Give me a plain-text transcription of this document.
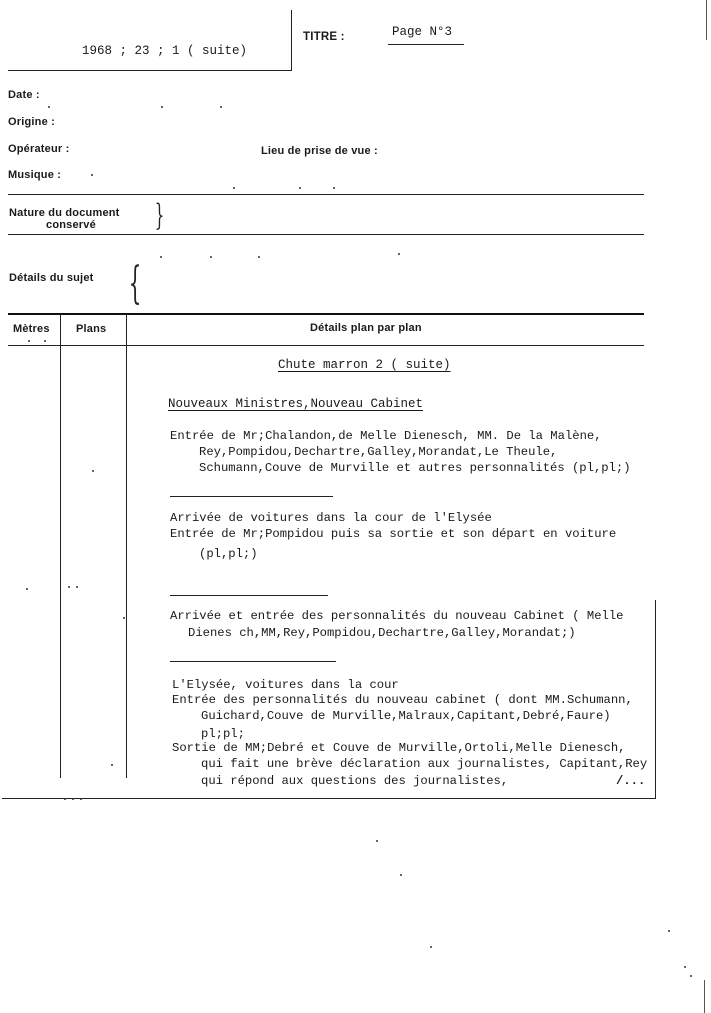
1968 ; 23 ; 1 ( suite)
TITRE :	Page N°3
Date :
Origine :
Opérateur :	Lieu de prise de vue :
Musique :
Nature du document
conservé }
Détails du sujet {
Mètres Plans	Détails plan par plan
Chute marron 2 ( suite)
Nouveaux Ministres,Nouveau Cabinet
Entrée de Mr;Chalandon,de Melle Dienesch, MM. De la Malène,
Rey,Pompidou,Dechartre,Galley,Morandat,Le Theule,
Schumann,Couve de Murville et autres personnalités (pl,pl;)
Arrivée de voitures dans la cour de l'Elysée
Entrée de Mr;Pompidou puis sa sortie et son départ en voiture
(pl,pl;)
Arrivée et entrée des personnalités du nouveau Cabinet ( Melle
Dienes ch,MM,Rey,Pompidou,Dechartre,Galley,Morandat;)
L'Elysée, voitures dans la cour
Entrée des personnalités du nouveau cabinet ( dont MM.Schumann,
Guichard,Couve de Murville,Malraux,Capitant,Debré,Faure)
pl;pl;
Sortie de MM;Debré et Couve de Murville,Ortoli,Melle Dienesch,
qui fait une brève déclaration aux journalistes, Capitant,Rey
qui répond aux questions des journalistes,	/...
